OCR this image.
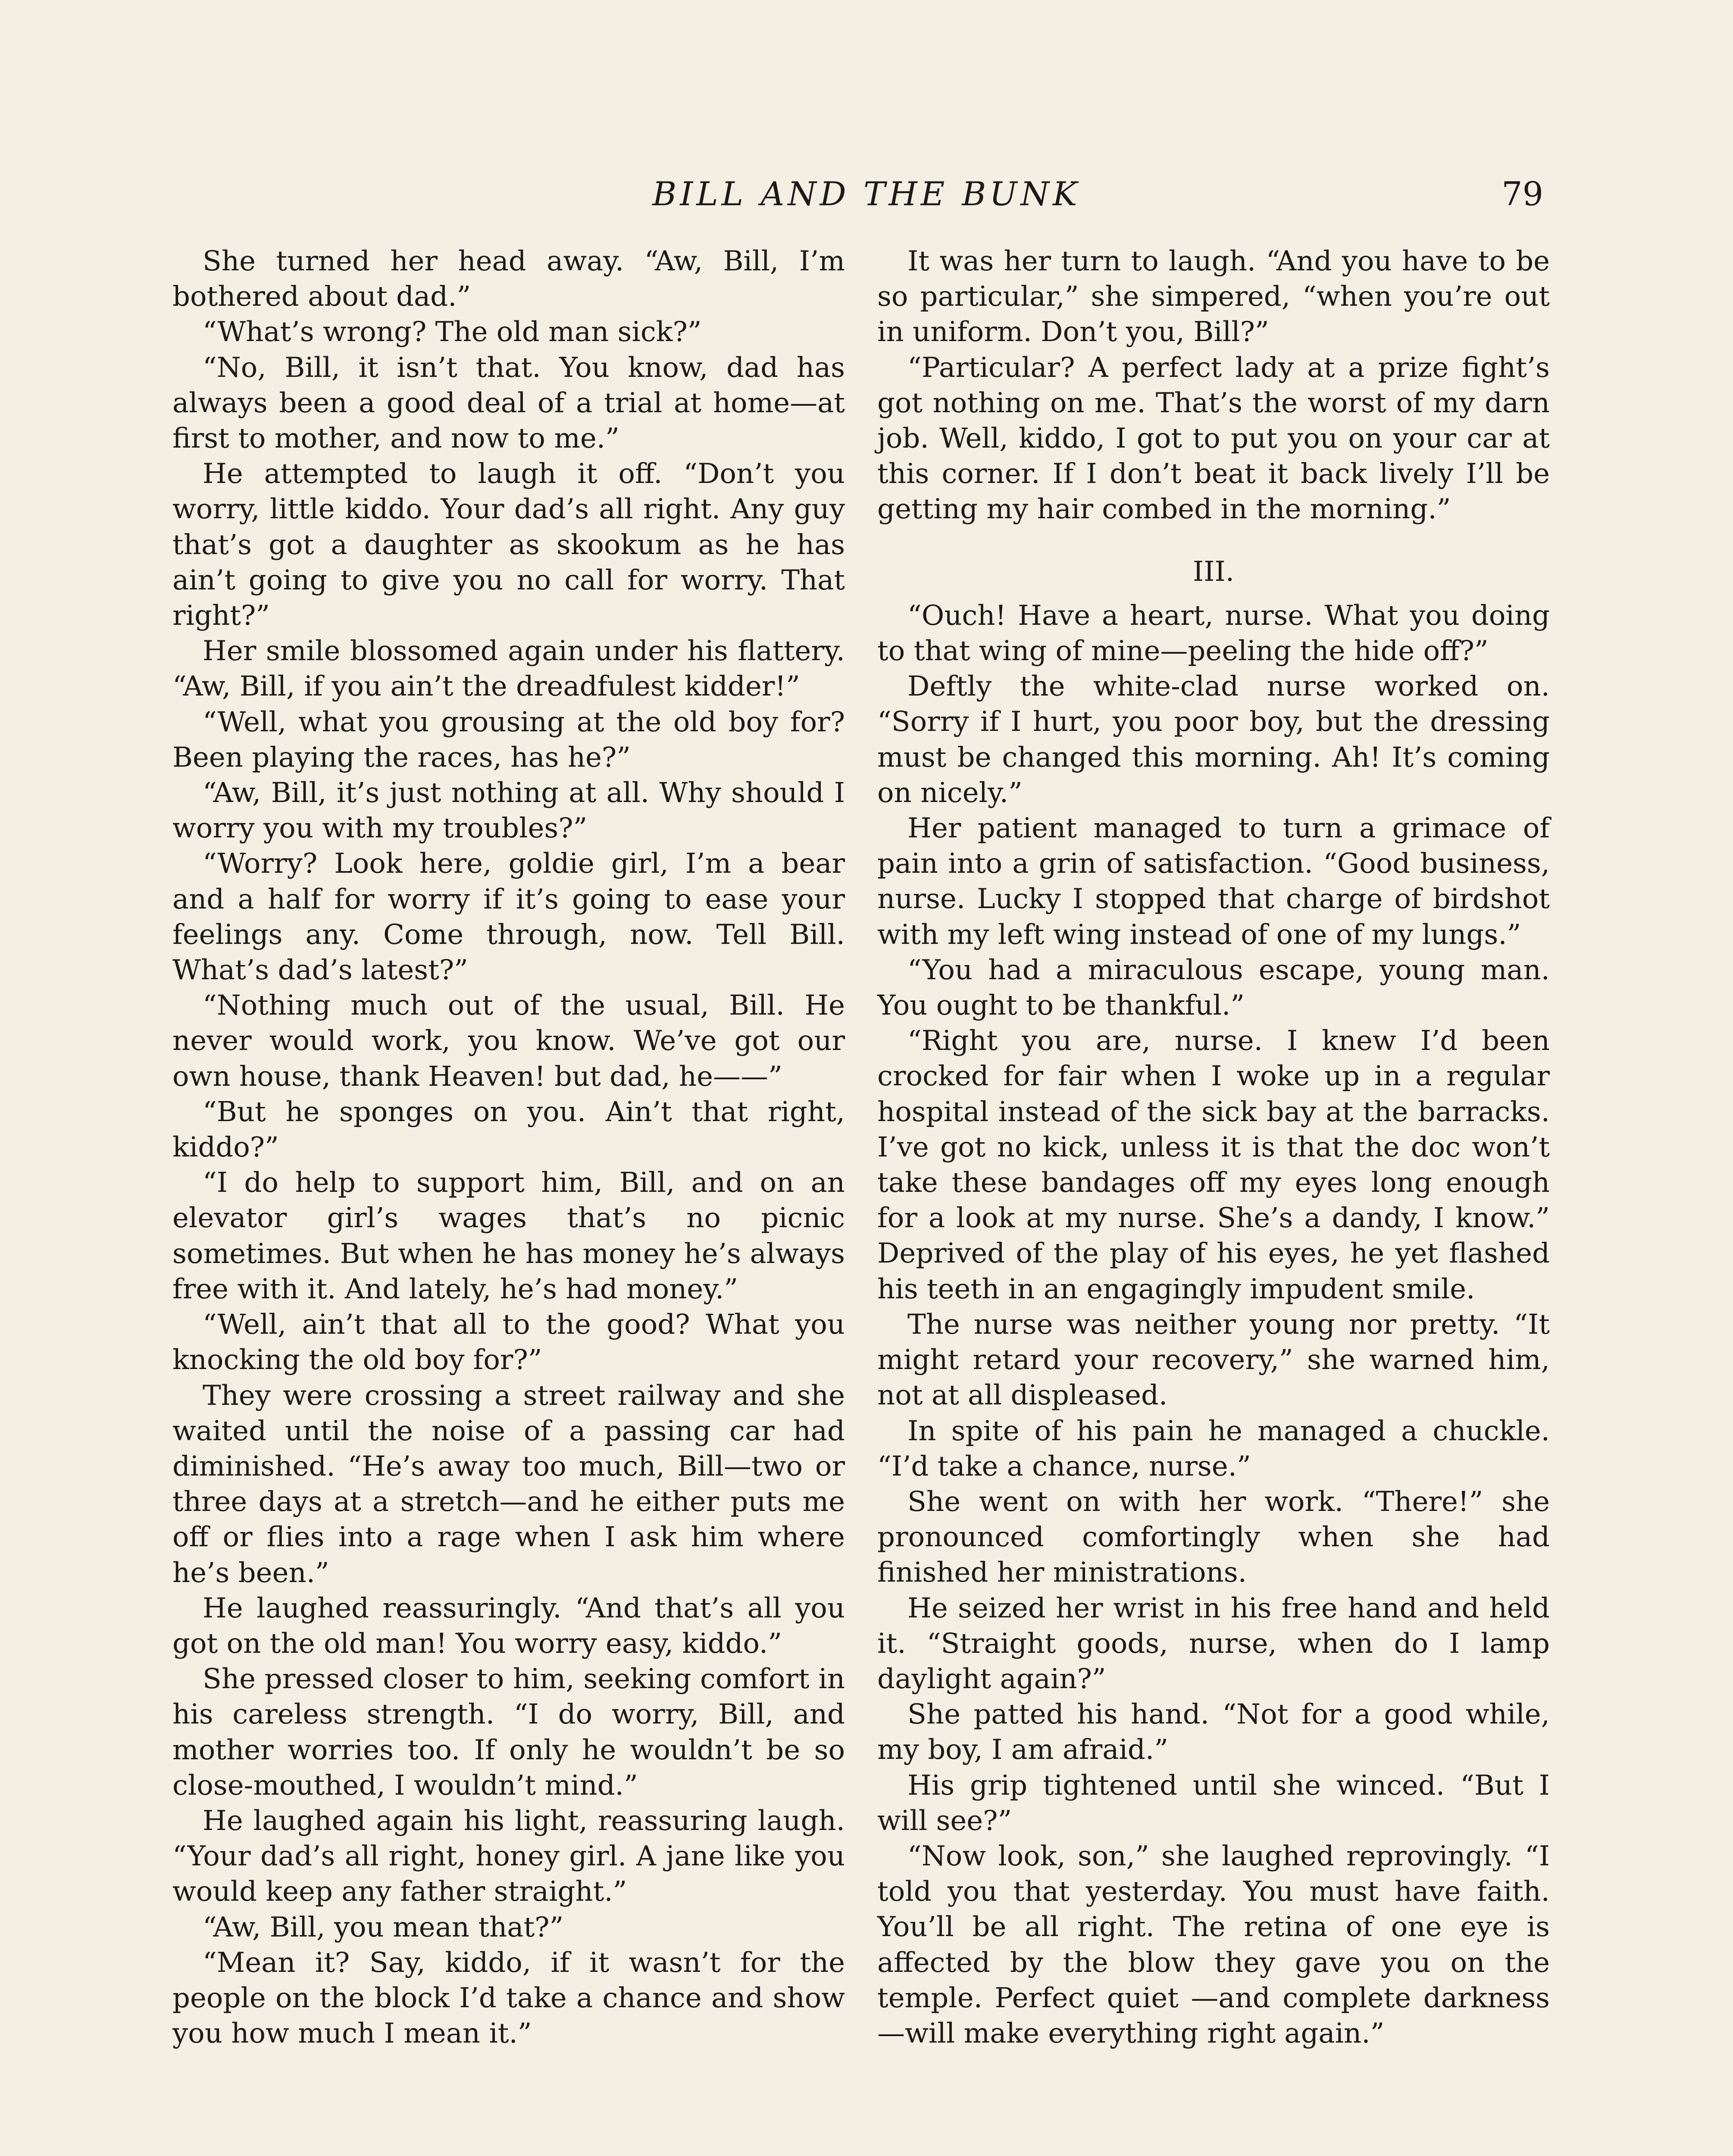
BILL AND THE BUNK	79

She turned her head away. “Aw, Bill, I’m bothered about dad.”

“What’s wrong? The old man sick?”

“No, Bill, it isn’t that. You know, dad has always been a good deal of a trial at home—at first to mother, and now to me.”

He attempted to laugh it off. “Don’t you worry, little kiddo. Your dad’s all right. Any guy that’s got a daughter as skookum as he has ain’t going to give you no call for worry. That right?”

Her smile blossomed again under his flattery. “Aw, Bill, if you ain’t the dreadfulest kidder!”

“Well, what you grousing at the old boy for? Been playing the races, has he?”

“Aw, Bill, it’s just nothing at all. Why should I worry you with my troubles?”

“Worry? Look here, goldie girl, I’m a bear and a half for worry if it’s going to ease your feelings any. Come through, now. Tell Bill. What’s dad’s latest?”

“Nothing much out of the usual, Bill. He never would work, you know. We’ve got our own house, thank Heaven! but dad, he——”

“But he sponges on you. Ain’t that right, kiddo?”

“I do help to support him, Bill, and on an elevator girl’s wages that’s no picnic sometimes. But when he has money he’s always free with it. And lately, he’s had money.”

“Well, ain’t that all to the good? What you knocking the old boy for?”

They were crossing a street railway and she waited until the noise of a passing car had diminished. “He’s away too much, Bill—two or three days at a stretch—and he either puts me off or flies into a rage when I ask him where he’s been.”

He laughed reassuringly. “And that’s all you got on the old man! You worry easy, kiddo.”

She pressed closer to him, seeking comfort in his careless strength. “I do worry, Bill, and mother worries too. If only he wouldn’t be so close-mouthed, I wouldn’t mind.”

He laughed again his light, reassuring laugh. “Your dad’s all right, honey girl. A jane like you would keep any father straight.”

“Aw, Bill, you mean that?”

“Mean it? Say, kiddo, if it wasn’t for the people on the block I’d take a chance and show you how much I mean it.”

It was her turn to laugh. “And you have to be so particular,” she simpered, “when you’re out in uniform. Don’t you, Bill?”

“Particular? A perfect lady at a prize fight’s got nothing on me. That’s the worst of my darn job. Well, kiddo, I got to put you on your car at this corner. If I don’t beat it back lively I’ll be getting my hair combed in the morning.”

III.

“Ouch! Have a heart, nurse. What you doing to that wing of mine—peeling the hide off?”

Deftly the white-clad nurse worked on. “Sorry if I hurt, you poor boy, but the dressing must be changed this morning. Ah! It’s coming on nicely.”

Her patient managed to turn a grimace of pain into a grin of satisfaction. “Good business, nurse. Lucky I stopped that charge of birdshot with my left wing instead of one of my lungs.”

“You had a miraculous escape, young man. You ought to be thankful.”

“Right you are, nurse. I knew I’d been crocked for fair when I woke up in a regular hospital instead of the sick bay at the barracks. I’ve got no kick, unless it is that the doc won’t take these bandages off my eyes long enough for a look at my nurse. She’s a dandy, I know.” Deprived of the play of his eyes, he yet flashed his teeth in an engagingly impudent smile.

The nurse was neither young nor pretty. “It might retard your recovery,” she warned him, not at all displeased.

In spite of his pain he managed a chuckle. “I’d take a chance, nurse.”

She went on with her work. “There!” she pronounced comfortingly when she had finished her ministrations.

He seized her wrist in his free hand and held it. “Straight goods, nurse, when do I lamp daylight again?”

She patted his hand. “Not for a good while, my boy, I am afraid.”

His grip tightened until she winced. “But I will see?”

“Now look, son,” she laughed reprovingly. “I told you that yesterday. You must have faith. You’ll be all right. The retina of one eye is affected by the blow they gave you on the temple. Perfect quiet —and complete darkness—will make everything right again.”
